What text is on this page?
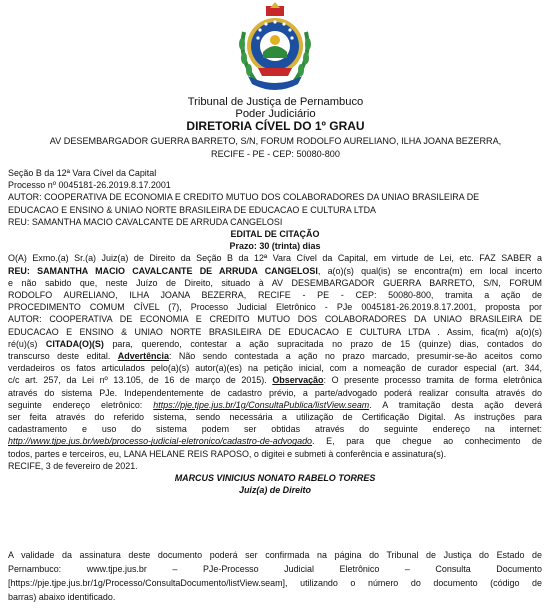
Tribunal de Justiça de Pernambuco
Poder Judiciário
DIRETORIA CÍVEL DO 1º GRAU
AV DESEMBARGADOR GUERRA BARRETO, S/N, FORUM RODOLFO AURELIANO, ILHA JOANA BEZERRA,
RECIFE - PE - CEP: 50080-800
Seção B da 12ª Vara Cível da Capital
Processo nº 0045181-26.2019.8.17.2001
AUTOR: COOPERATIVA DE ECONOMIA E CREDITO MUTUO DOS COLABORADORES DA UNIAO BRASILEIRA DE
EDUCACAO E ENSINO & UNIAO NORTE BRASILEIRA DE EDUCACAO E CULTURA LTDA
REU: SAMANTHA MACIO CAVALCANTE DE ARRUDA CANGELOSI
EDITAL DE CITAÇÃO
Prazo: 30 (trinta) dias
O(A) Exmo.(a) Sr.(a) Juiz(a) de Direito da Seção B da 12ª Vara Cível da Capital, em virtude de Lei, etc. FAZ SABER a
REU: SAMANTHA MACIO CAVALCANTE DE ARRUDA CANGELOSI, a(o)(s) qual(is) se encontra(m) em local incerto
e não sabido que, neste Juízo de Direito, situado à AV DESEMBARGADOR GUERRA BARRETO, S/N, FORUM
RODOLFO AURELIANO, ILHA JOANA BEZERRA, RECIFE - PE - CEP: 50080-800, tramita a ação de
PROCEDIMENTO COMUM CÍVEL (7), Processo Judicial Eletrônico - PJe 0045181-26.2019.8.17.2001, proposta por
AUTOR: COOPERATIVA DE ECONOMIA E CREDITO MUTUO DOS COLABORADORES DA UNIAO BRASILEIRA DE
EDUCACAO E ENSINO & UNIAO NORTE BRASILEIRA DE EDUCACAO E CULTURA LTDA . Assim, fica(m) a(o)(s)
ré(u)(s) CITADA(O)(S) para, querendo, contestar a ação supracitada no prazo de 15 (quinze) dias, contados do
transcurso deste edital. Advertência: Não sendo contestada a ação no prazo marcado, presumir-se-ão aceitos como
verdadeiros os fatos articulados pelo(a)(s) autor(a)(es) na petição inicial, com a nomeação de curador especial (art. 344,
c/c art. 257, da Lei nº 13.105, de 16 de março de 2015). Observação: O presente processo tramita de forma eletrônica
através do sistema PJe. Independentemente de cadastro prévio, a parte/advogado poderá realizar consulta através do
seguinte endereço eletrônico: https://pje.tjpe.jus.br/1g/ConsultaPublica/listView.seam. A tramitação desta ação deverá
ser feita através do referido sistema, sendo necessária a utilização de Certificação Digital. As instruções para
cadastramento e uso do sistema podem ser obtidas através do seguinte endereço na internet:
http://www.tjpe.jus.br/web/processo-judicial-eletronico/cadastro-de-advogado. E, para que chegue ao conhecimento de
todos, partes e terceiros, eu, LANA HELANE REIS RAPOSO, o digitei e submeti à conferência e assinatura(s).
RECIFE, 3 de fevereiro de 2021.
MARCUS VINICIUS NONATO RABELO TORRES
Juiz(a) de Direito
A validade da assinatura deste documento poderá ser confirmada na página do Tribunal de Justiça do Estado de
Pernambuco: www.tjpe.jus.br – PJe-Processo Judicial Eletrônico – Consulta Documento
[https://pje.tjpe.jus.br/1g/Processo/ConsultaDocumento/listView.seam], utilizando o número do documento (código de
barras) abaixo identificado.
